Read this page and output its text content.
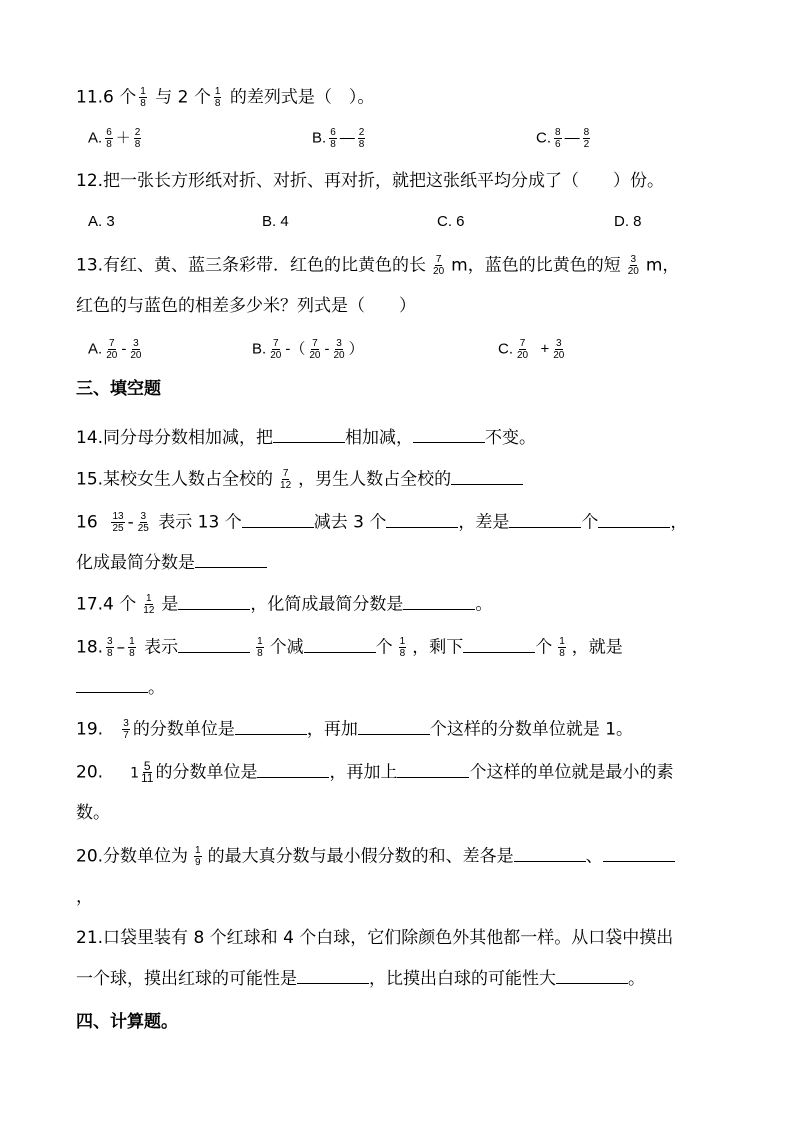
11.6 个 $\frac{1}{8}$ 与 2 个 $\frac{1}{8}$ 的差列式是（　）。
A. $\frac{6}{8} + \frac{2}{8}$	B. $\frac{6}{8}$ — $\frac{2}{8}$	C. $\frac{8}{6}$ — $\frac{8}{2}$
12.把一张长方形纸对折、对折、再对折，就把这张纸平均分成了（　　）份。
A. 3	B. 4	C. 6	D. 8
13.有红、黄、蓝三条彩带．红色的比黄色的长 $\frac{7}{20}$ m，蓝色的比黄色的短 $\frac{3}{20}$ m，
红色的与蓝色的相差多少米？列式是（　　）
A. $\frac{7}{20} - \frac{3}{20}$	B. $\frac{7}{20}$ -（ $\frac{7}{20} - \frac{3}{20}$ ）	C. $\frac{7}{20} + \frac{3}{20}$
三、填空题
14.同分母分数相加减，把	相加减，	不变。
15.某校女生人数占全校的 $\frac{7}{12}$ ，男生人数占全校的
$16 \frac{13}{25} - \frac{3}{25}$ 表示 13 个	减去 3 个	，差是	个	，
化成最简分数是
17.4 个 $\frac{1}{12}$ 是	，化简成最简分数是	。
18. $\frac{3}{8} - \frac{1}{8}$ 表示	$\frac{1}{8}$ 个减	个 $\frac{1}{8}$ ，剩下	个 $\frac{1}{8}$ ，就是
。
19. $\frac{3}{7}$ 的分数单位是	，再加	个这样的分数单位就是 1。
20. $1 \frac{5}{11}$ 的分数单位是	，再加上	个这样的单位就是最小的素
数。
20.分数单位为 $\frac{1}{9}$ 的最大真分数与最小假分数的和、差各是	、
，
21.口袋里装有 8 个红球和 4 个白球，它们除颜色外其他都一样。从口袋中摸出
一个球，摸出红球的可能性是	，比摸出白球的可能性大	。
四、计算题。
